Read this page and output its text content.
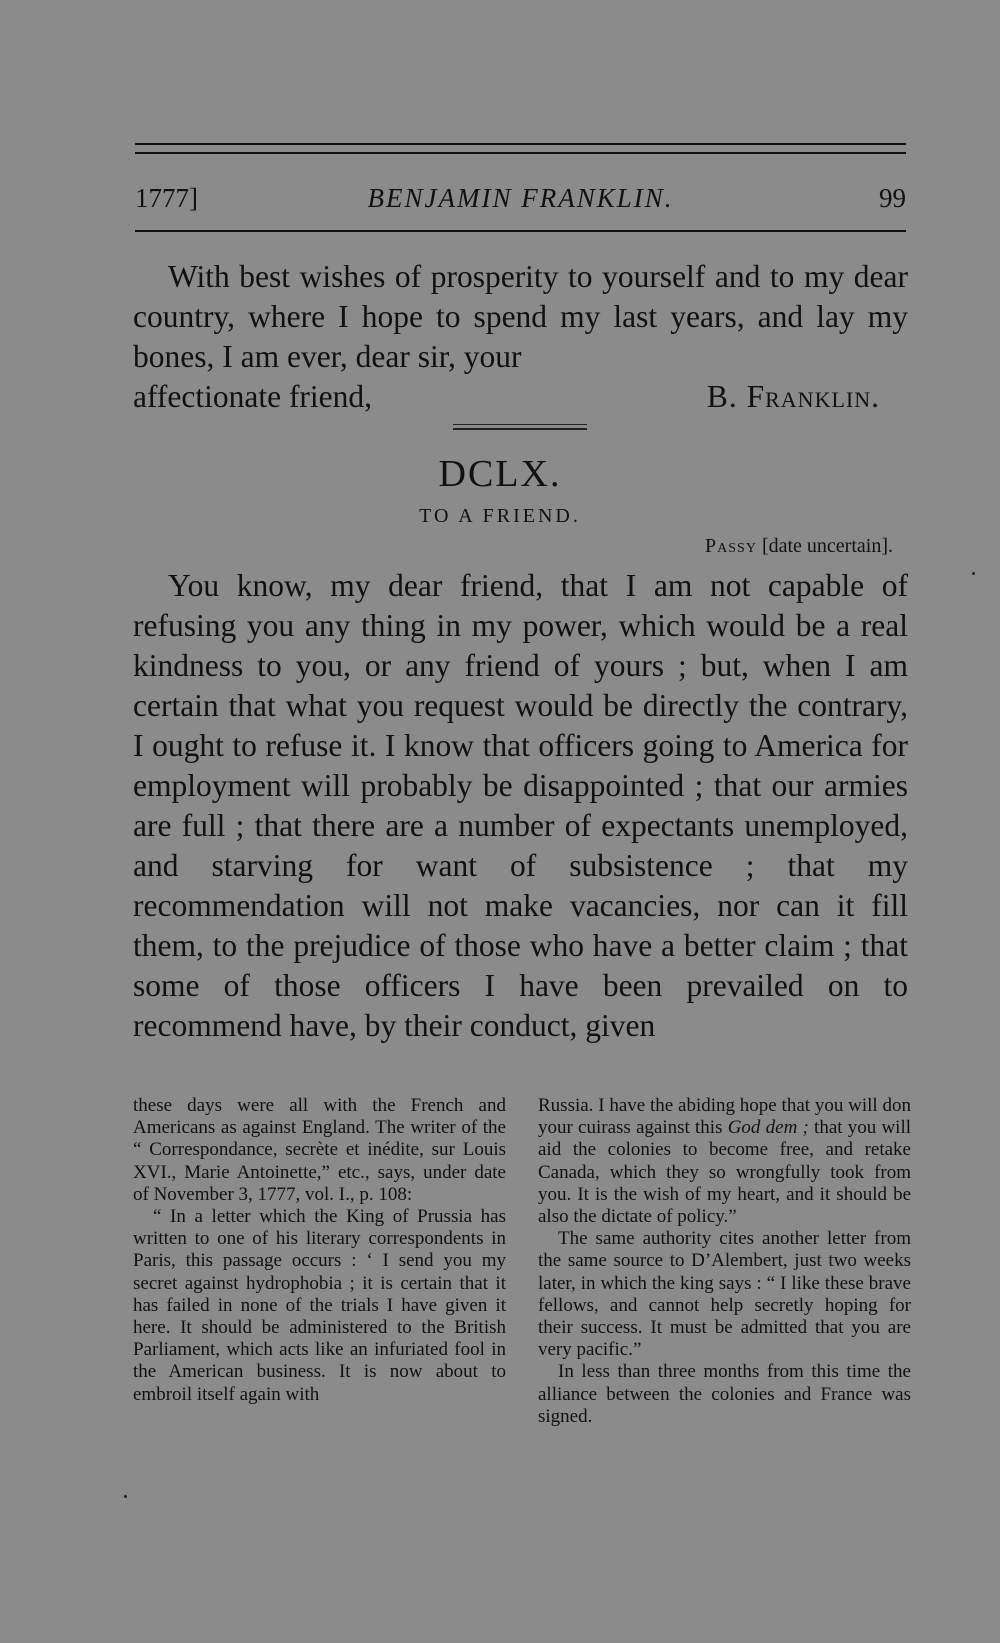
1777]	BENJAMIN FRANKLIN.	99

With best wishes of prosperity to yourself and to my dear country, where I hope to spend my last years, and lay my bones, I am ever, dear sir, your

affectionate friend,	B. Franklin.

DCLX.
TO A FRIEND.
Passy [date uncertain].

You know, my dear friend, that I am not capable of refusing you any thing in my power, which would be a real kindness to you, or any friend of yours ; but, when I am certain that what you request would be directly the contrary, I ought to refuse it. I know that officers going to America for employment will probably be disappointed ; that our armies are full ; that there are a number of expectants unemployed, and starving for want of subsistence ; that my recommendation will not make vacancies, nor can it fill them, to the prejudice of those who have a better claim ; that some of those officers I have been prevailed on to recommend have, by their conduct, given

these days were all with the French and Americans as against England. The writer of the “ Correspondance, secrète et inédite, sur Louis XVI., Marie Antoinette,” etc., says, under date of November 3, 1777, vol. I., p. 108:

“ In a letter which the King of Prussia has written to one of his literary correspondents in Paris, this passage occurs : ‘ I send you my secret against hydrophobia ; it is certain that it has failed in none of the trials I have given it here. It should be administered to the British Parliament, which acts like an infuriated fool in the American business. It is now about to embroil itself again with

Russia. I have the abiding hope that you will don your cuirass against this God dem ; that you will aid the colonies to become free, and retake Canada, which they so wrongfully took from you. It is the wish of my heart, and it should be also the dictate of policy.”

The same authority cites another letter from the same source to D’Alembert, just two weeks later, in which the king says : “ I like these brave fellows, and cannot help secretly hoping for their success. It must be admitted that you are very pacific.”

In less than three months from this time the alliance between the colonies and France was signed.
